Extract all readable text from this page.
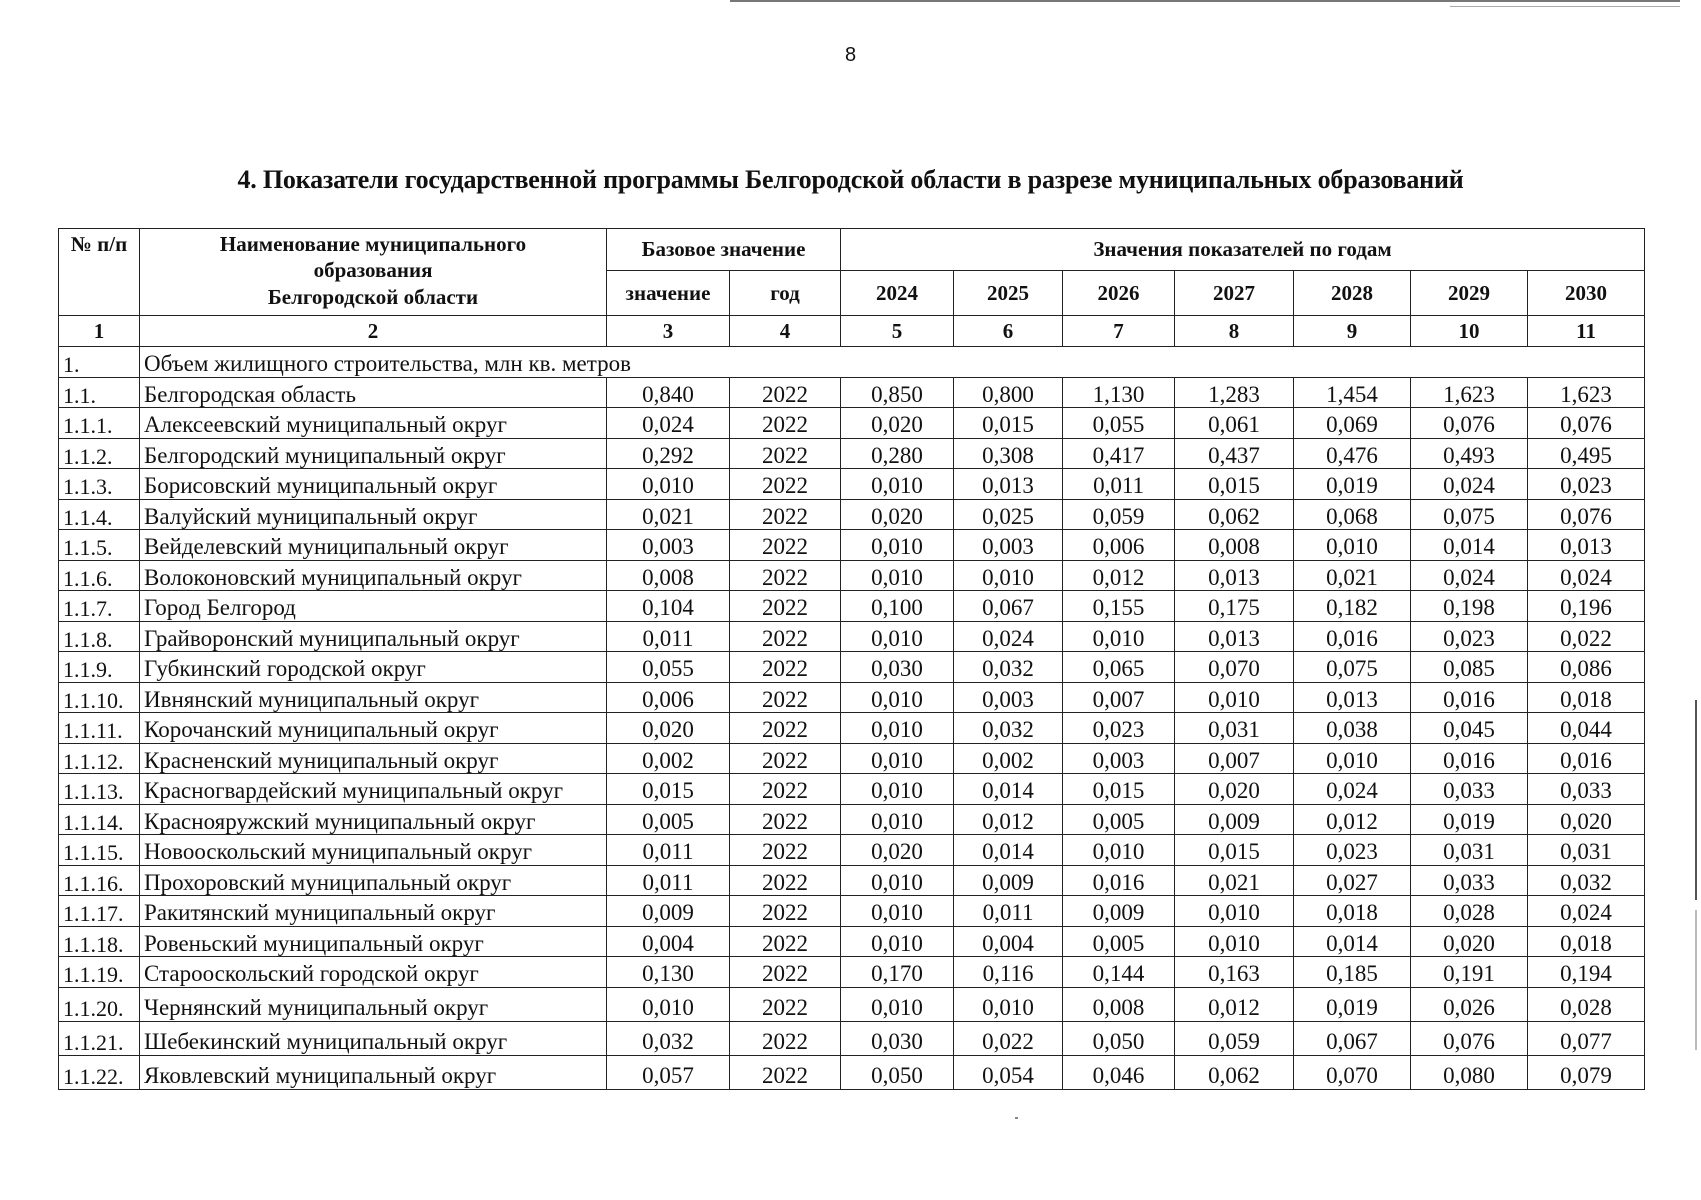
8
4. Показатели государственной программы Белгородской области в разрезе муниципальных образований
№ п/п	Наименование муниципального
образования
Белгородской области	Базовое значение		Значения показателей по годам						
		значение	год	2024	2025	2026	2027	2028	2029	2030
1	2	3	4	5	6	7	8	9	10	11
1.	Объем жилищного строительства, млн кв. метров									
1.1.	Белгородская область	0,840	2022	0,850	0,800	1,130	1,283	1,454	1,623	1,623
1.1.1.	Алексеевский муниципальный округ	0,024	2022	0,020	0,015	0,055	0,061	0,069	0,076	0,076
1.1.2.	Белгородский муниципальный округ	0,292	2022	0,280	0,308	0,417	0,437	0,476	0,493	0,495
1.1.3.	Борисовский муниципальный округ	0,010	2022	0,010	0,013	0,011	0,015	0,019	0,024	0,023
1.1.4.	Валуйский муниципальный округ	0,021	2022	0,020	0,025	0,059	0,062	0,068	0,075	0,076
1.1.5.	Вейделевский муниципальный округ	0,003	2022	0,010	0,003	0,006	0,008	0,010	0,014	0,013
1.1.6.	Волоконовский муниципальный округ	0,008	2022	0,010	0,010	0,012	0,013	0,021	0,024	0,024
1.1.7.	Город Белгород	0,104	2022	0,100	0,067	0,155	0,175	0,182	0,198	0,196
1.1.8.	Грайворонский муниципальный округ	0,011	2022	0,010	0,024	0,010	0,013	0,016	0,023	0,022
1.1.9.	Губкинский городской округ	0,055	2022	0,030	0,032	0,065	0,070	0,075	0,085	0,086
1.1.10.	Ивнянский муниципальный округ	0,006	2022	0,010	0,003	0,007	0,010	0,013	0,016	0,018
1.1.11.	Корочанский муниципальный округ	0,020	2022	0,010	0,032	0,023	0,031	0,038	0,045	0,044
1.1.12.	Красненский муниципальный округ	0,002	2022	0,010	0,002	0,003	0,007	0,010	0,016	0,016
1.1.13.	Красногвардейский муниципальный округ	0,015	2022	0,010	0,014	0,015	0,020	0,024	0,033	0,033
1.1.14.	Краснояружский муниципальный округ	0,005	2022	0,010	0,012	0,005	0,009	0,012	0,019	0,020
1.1.15.	Новооскольский муниципальный округ	0,011	2022	0,020	0,014	0,010	0,015	0,023	0,031	0,031
1.1.16.	Прохоровский муниципальный округ	0,011	2022	0,010	0,009	0,016	0,021	0,027	0,033	0,032
1.1.17.	Ракитянский муниципальный округ	0,009	2022	0,010	0,011	0,009	0,010	0,018	0,028	0,024
1.1.18.	Ровеньский муниципальный округ	0,004	2022	0,010	0,004	0,005	0,010	0,014	0,020	0,018
1.1.19.	Старооскольский городской округ	0,130	2022	0,170	0,116	0,144	0,163	0,185	0,191	0,194
1.1.20.	Чернянский муниципальный округ	0,010	2022	0,010	0,010	0,008	0,012	0,019	0,026	0,028
1.1.21.	Шебекинский муниципальный округ	0,032	2022	0,030	0,022	0,050	0,059	0,067	0,076	0,077
1.1.22.	Яковлевский муниципальный округ	0,057	2022	0,050	0,054	0,046	0,062	0,070	0,080	0,079
